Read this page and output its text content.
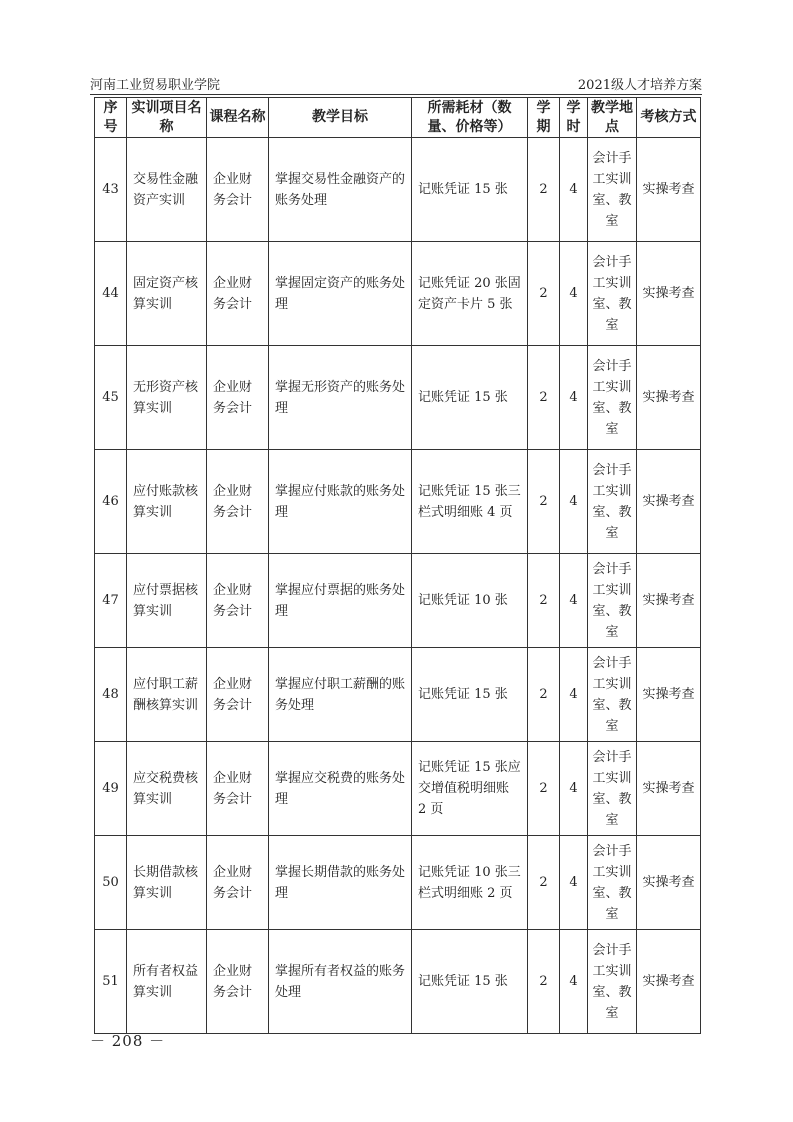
河南工业贸易职业学院	2021级人才培养方案
序号	实训项目名称	课程名称	教学目标	所需耗材（数量、价格等）	学期	学时	教学地点	考核方式
43	交易性金融资产实训	企业财务会计	掌握交易性金融资产的账务处理	记账凭证 15 张	2	4	会计手工实训室、教室	实操考查
44	固定资产核算实训	企业财务会计	掌握固定资产的账务处理	记账凭证 20 张固定资产卡片 5 张	2	4	会计手工实训室、教室	实操考查
45	无形资产核算实训	企业财务会计	掌握无形资产的账务处理	记账凭证 15 张	2	4	会计手工实训室、教室	实操考查
46	应付账款核算实训	企业财务会计	掌握应付账款的账务处理	记账凭证 15 张三栏式明细账 4 页	2	4	会计手工实训室、教室	实操考查
47	应付票据核算实训	企业财务会计	掌握应付票据的账务处理	记账凭证 10 张	2	4	会计手工实训室、教室	实操考查
48	应付职工薪酬核算实训	企业财务会计	掌握应付职工薪酬的账务处理	记账凭证 15 张	2	4	会计手工实训室、教室	实操考查
49	应交税费核算实训	企业财务会计	掌握应交税费的账务处理	记账凭证 15 张应交增值税明细账 2 页	2	4	会计手工实训室、教室	实操考查
50	长期借款核算实训	企业财务会计	掌握长期借款的账务处理	记账凭证 10 张三栏式明细账 2 页	2	4	会计手工实训室、教室	实操考查
51	所有者权益算实训	企业财务会计	掌握所有者权益的账务处理	记账凭证 15 张	2	4	会计手工实训室、教室	实操考查
－ 208 －
